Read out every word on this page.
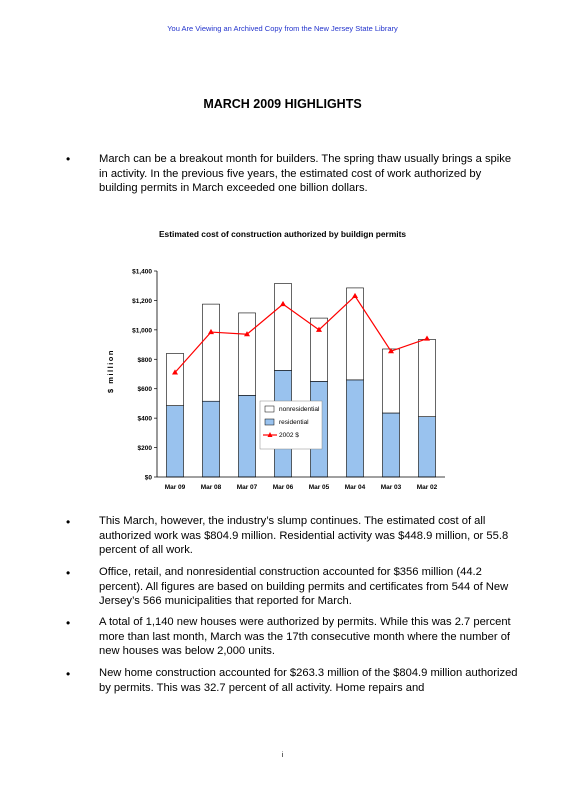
You Are Viewing an Archived Copy from the New Jersey State Library
MARCH 2009 HIGHLIGHTS
•	March can be a breakout month for builders. The spring thaw usually brings a spike in activity. In the previous five years, the estimated cost of work authorized by building permits in March exceeded one billion dollars.
Estimated cost of construction authorized by buildign permits
$ million
$0
$200
$400
$600
$800
$1,000
$1,200
$1,400
Mar 09 Mar 08 Mar 07 Mar 06 Mar 05 Mar 04 Mar 03 Mar 02
nonresidential
residential
2002 $
•	This March, however, the industry’s slump continues. The estimated cost of all authorized work was $804.9 million. Residential activity was $448.9 million, or 55.8 percent of all work.
•	Office, retail, and nonresidential construction accounted for $356 million (44.2 percent). All figures are based on building permits and certificates from 544 of New Jersey’s 566 municipalities that reported for March.
•	A total of 1,140 new houses were authorized by permits. While this was 2.7 percent more than last month, March was the 17th consecutive month where the number of new houses was below 2,000 units.
•	New home construction accounted for $263.3 million of the $804.9 million authorized by permits. This was 32.7 percent of all activity. Home repairs and
i
